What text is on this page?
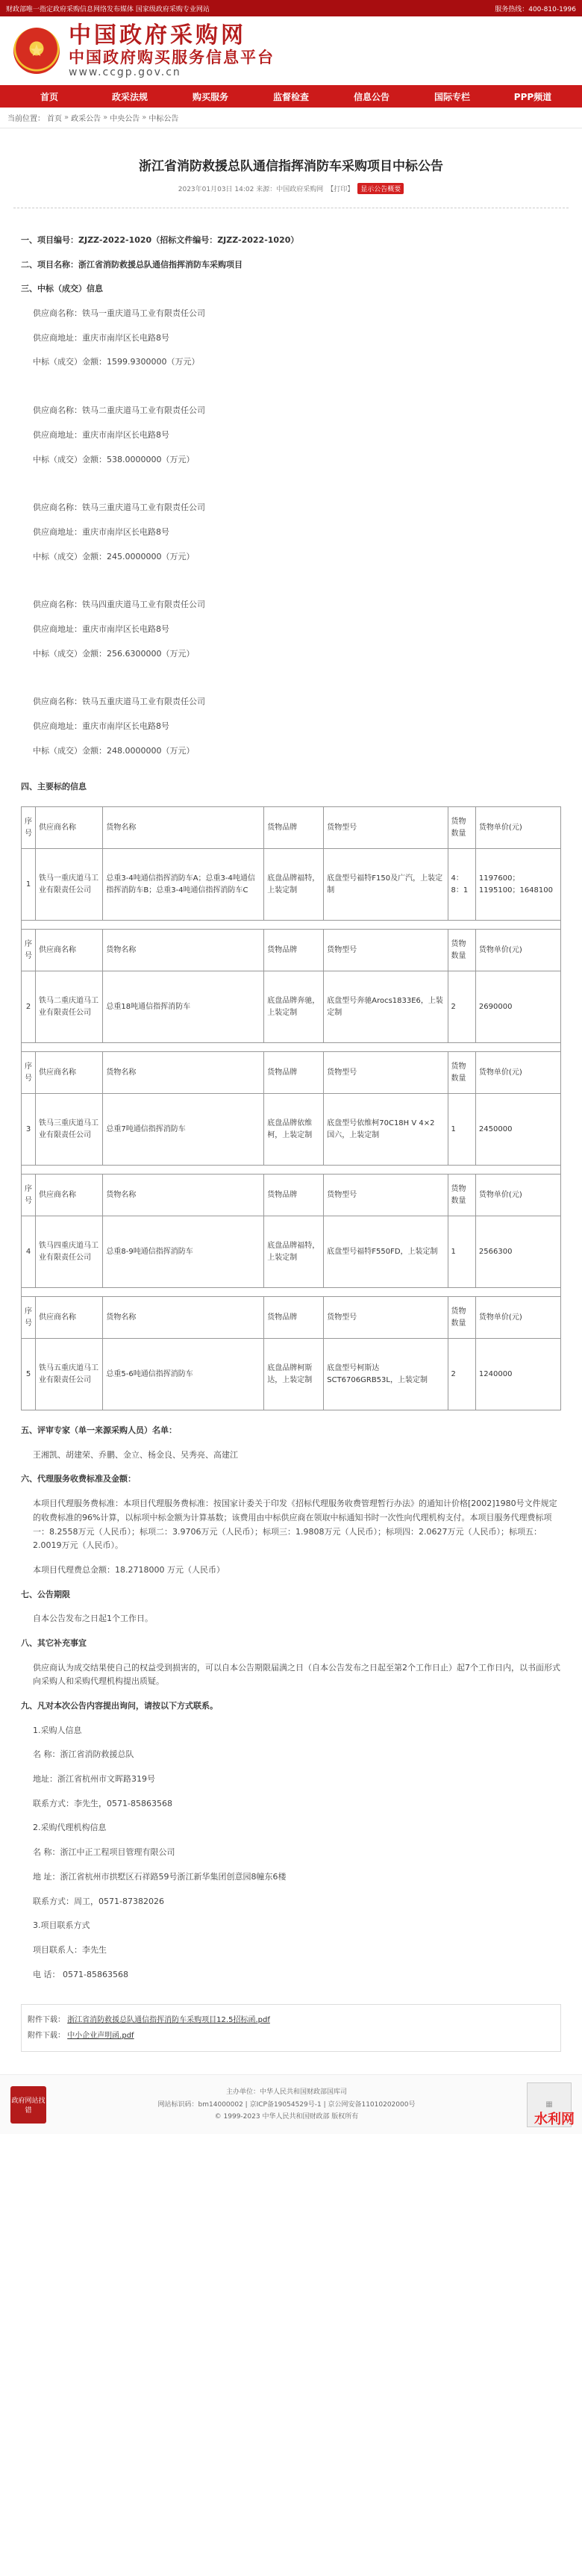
财政部唯一指定政府采购信息网络发布媒体 国家级政府采购专业网站	服务热线：400-810-1996
★
中国政府采购网
中国政府购买服务信息平台
www.ccgp.gov.cn
首页	政采法规	购买服务	监督检查	信息公告	国际专栏	PPP频道
当前位置： 首页 » 政采公告 » 中央公告 » 中标公告
浙江省消防救援总队通信指挥消防车采购项目中标公告
2023年01月03日 14:02 来源：中国政府采购网 【打印】	显示公告概要
一、项目编号：ZJZZ-2022-1020（招标文件编号：ZJZZ-2022-1020）
二、项目名称：浙江省消防救援总队通信指挥消防车采购项目
三、中标（成交）信息
供应商名称：铁马一重庆道马工业有限责任公司
供应商地址：重庆市南岸区长电路8号
中标（成交）金额：1599.9300000（万元）
供应商名称：铁马二重庆道马工业有限责任公司
供应商地址：重庆市南岸区长电路8号
中标（成交）金额：538.0000000（万元）
供应商名称：铁马三重庆道马工业有限责任公司
供应商地址：重庆市南岸区长电路8号
中标（成交）金额：245.0000000（万元）
供应商名称：铁马四重庆道马工业有限责任公司
供应商地址：重庆市南岸区长电路8号
中标（成交）金额：256.6300000（万元）
供应商名称：铁马五重庆道马工业有限责任公司
供应商地址：重庆市南岸区长电路8号
中标（成交）金额：248.0000000（万元）
四、主要标的信息
序号	供应商名称	货物名称	货物品牌	货物型号	货物数量	货物单价(元)
1	铁马一重庆道马工业有限责任公司	总重3-4吨通信指挥消防车A；总重3-4吨通信指挥消防车B；总重3-4吨通信指挥消防车C	底盘品牌福特，上装定制	底盘型号福特F150及广汽，上装定制	4：8：1	1197600；1195100；1648100

序号	供应商名称	货物名称	货物品牌	货物型号	货物数量	货物单价(元)
2	铁马二重庆道马工业有限责任公司	总重18吨通信指挥消防车	底盘品牌奔驰，上装定制	底盘型号奔驰Arocs1833E6，上装定制	2	2690000

序号	供应商名称	货物名称	货物品牌	货物型号	货物数量	货物单价(元)
3	铁马三重庆道马工业有限责任公司	总重7吨通信指挥消防车	底盘品牌依维柯，上装定制	底盘型号依维柯70C18H V 4×2 国六，上装定制	1	2450000

序号	供应商名称	货物名称	货物品牌	货物型号	货物数量	货物单价(元)
4	铁马四重庆道马工业有限责任公司	总重8-9吨通信指挥消防车	底盘品牌福特，上装定制	底盘型号福特F550FD，上装定制	1	2566300

序号	供应商名称	货物名称	货物品牌	货物型号	货物数量	货物单价(元)
5	铁马五重庆道马工业有限责任公司	总重5-6吨通信指挥消防车	底盘品牌柯斯达，上装定制	底盘型号柯斯达SCT6706GRB53L，上装定制	2	1240000
五、评审专家（单一来源采购人员）名单：
王湘凯、胡建荣、乔鹏、金立、杨金良、吴秀亮、高建江
六、代理服务收费标准及金额：
本项目代理服务费标准：本项目代理服务费标准：按国家计委关于印发《招标代理服务收费管理暂行办法》的通知计价格[2002]1980号文件规定的收费标准的96%计算，以标项中标金额为计算基数；该费用由中标供应商在领取中标通知书时一次性向代理机构支付。本项目服务代理费标项一：8.2558万元（人民币）；标项二：3.9706万元（人民币）；标项三：1.9808万元（人民币）；标项四：2.0627万元（人民币）；标项五：2.0019万元（人民币）。
本项目代理费总金额：18.2718000 万元（人民币）
七、公告期限
自本公告发布之日起1个工作日。
八、其它补充事宜
供应商认为成交结果使自己的权益受到损害的，可以自本公告期限届满之日（自本公告发布之日起至第2个工作日止）起7个工作日内，以书面形式向采购人和采购代理机构提出质疑。
九、凡对本次公告内容提出询问，请按以下方式联系。
1.采购人信息
名 称：浙江省消防救援总队
地址：浙江省杭州市文晖路319号
联系方式：李先生，0571-85863568
2.采购代理机构信息
名 称：浙江中正工程项目管理有限公司
地 址：浙江省杭州市拱墅区石祥路59号浙江新华集团创意园8幢东6楼
联系方式：周工，0571-87382026
3.项目联系方式
项目联系人：李先生
电 话： 0571-85863568
附件下载： 浙江省消防救援总队通信指挥消防车采购项目12.5招标函.pdf
附件下载： 中小企业声明函.pdf
政府网站找错
主办单位：中华人民共和国财政部国库司
网站标识码：bm14000002 | 京ICP备19054529号-1 | 京公网安备11010202000号
© 1999-2023 中华人民共和国财政部 版权所有
▦
水利网
